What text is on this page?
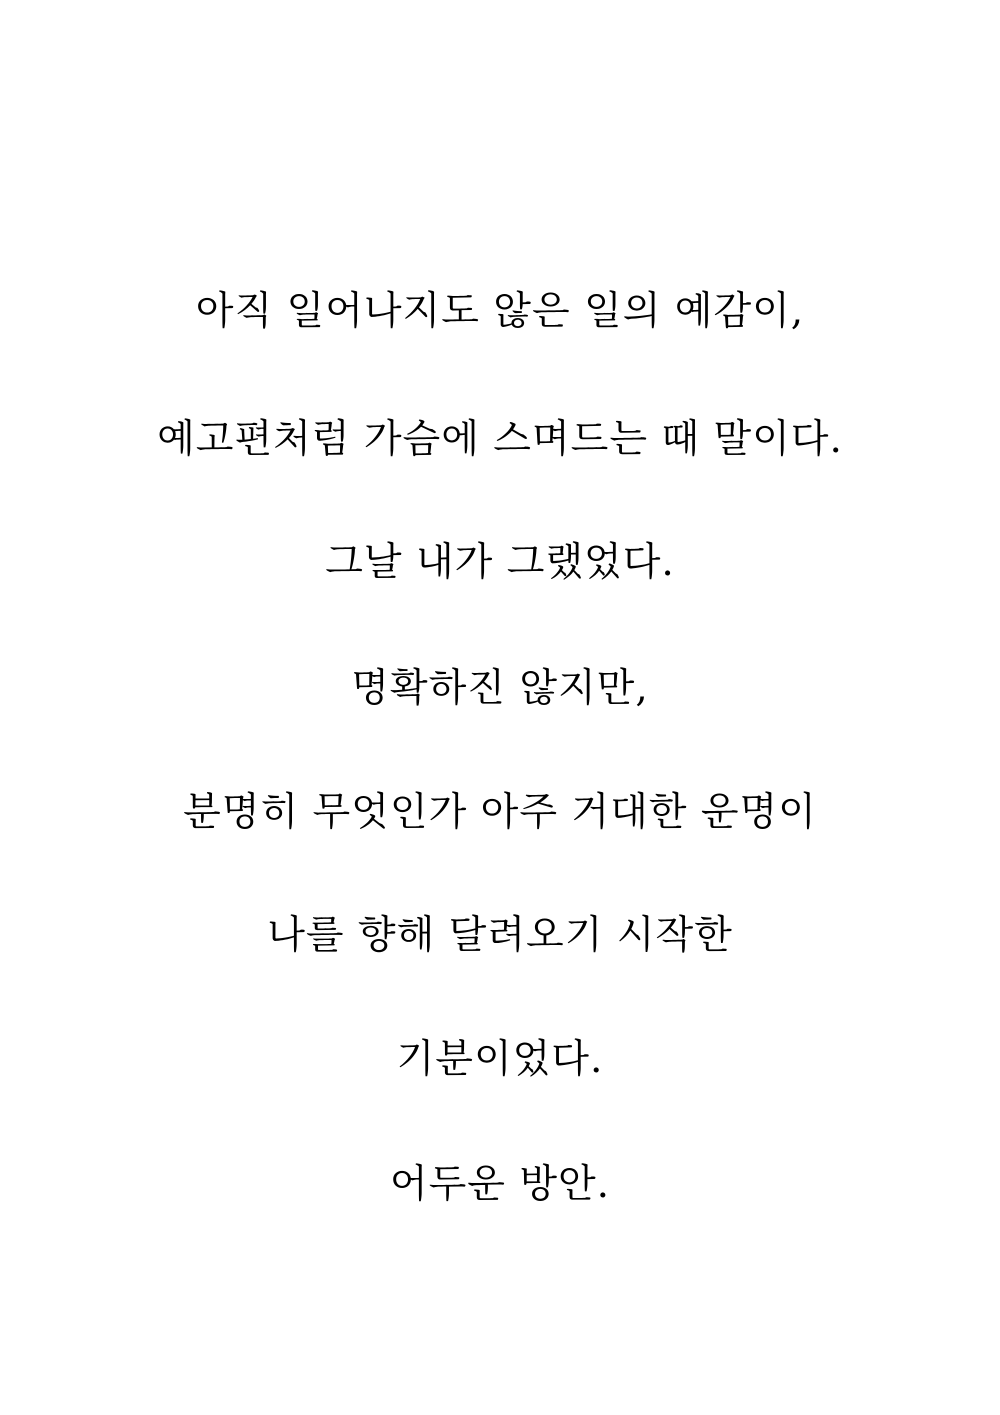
아직 일어나지도 않은 일의 예감이,
예고편처럼 가슴에 스며드는 때 말이다.
그날 내가 그랬었다.
명확하진 않지만,
분명히 무엇인가 아주 거대한 운명이
나를 향해 달려오기 시작한
기분이었다.
어두운 방안.
